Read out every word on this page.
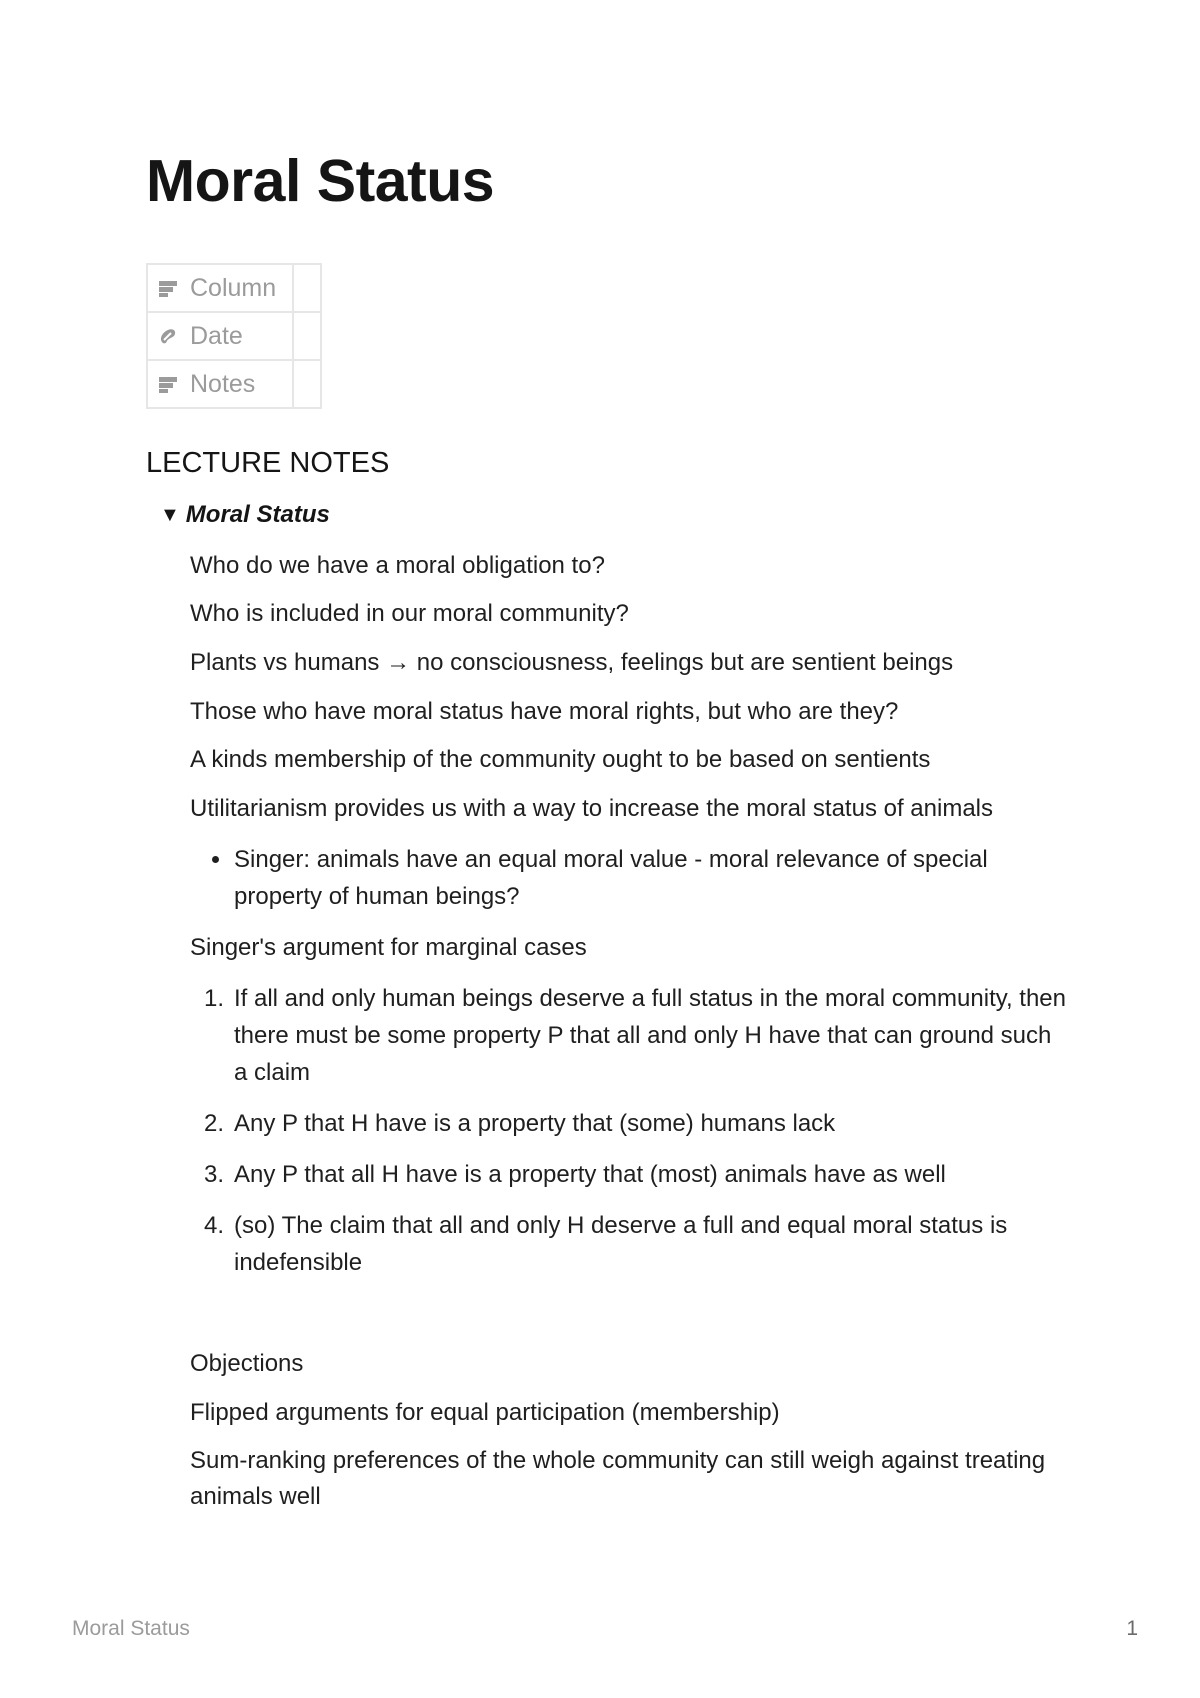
Moral Status
Column	

Date	

Notes	

LECTURE NOTES
▼ Moral Status

Who do we have a moral obligation to?

Who is included in our moral community?

Plants vs humans → no consciousness, feelings but are sentient beings

Those who have moral status have moral rights, but who are they?

A kinds membership of the community ought to be based on sentients

Utilitarianism provides us with a way to increase the moral status of animals

Singer: animals have an equal moral value - moral relevance of special property of human beings?

Singer's argument for marginal cases

1. If all and only human beings deserve a full status in the moral community, then there must be some property P that all and only H have that can ground such a claim
2. Any P that H have is a property that (some) humans lack
3. Any P that all H have is a property that (most) animals have as well
4. (so) The claim that all and only H deserve a full and equal moral status is indefensible

Objections

Flipped arguments for equal participation (membership)

Sum-ranking preferences of the whole community can still weigh against treating animals well

Moral Status	1
